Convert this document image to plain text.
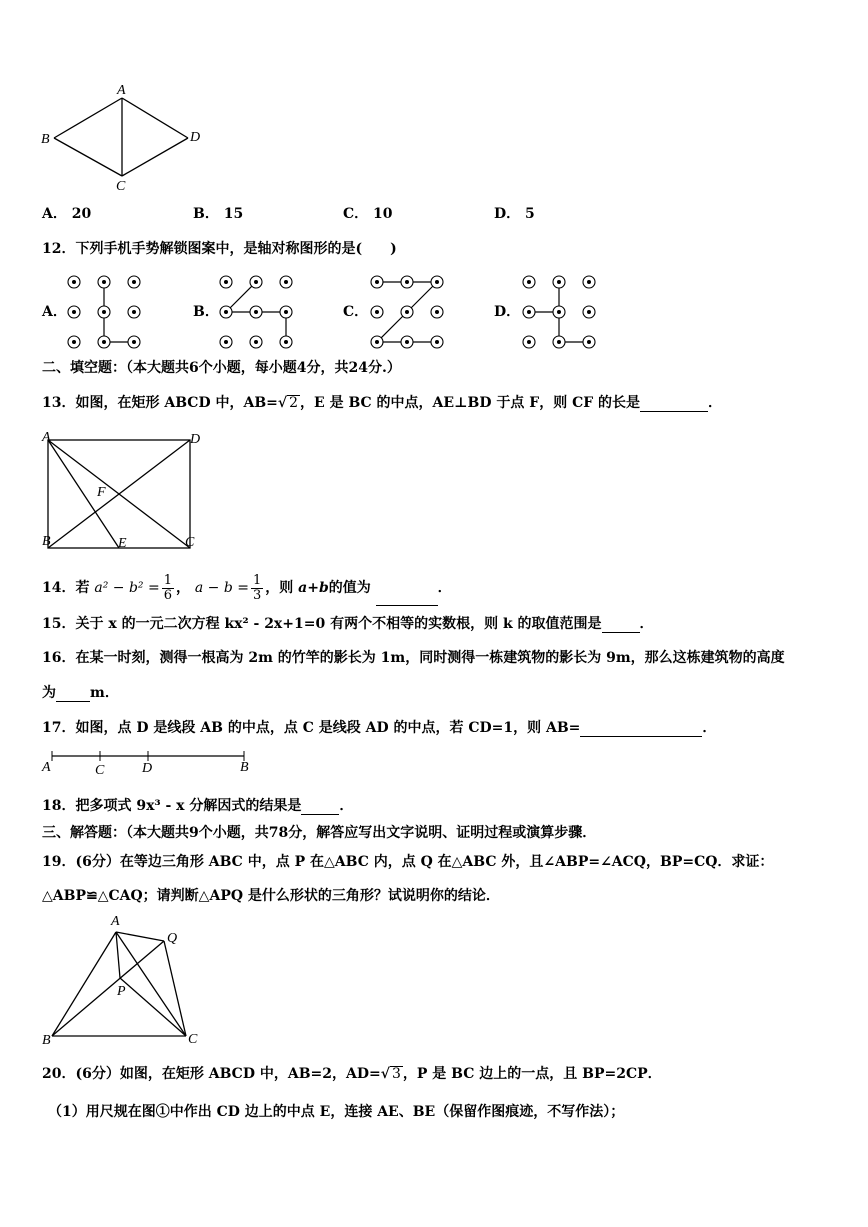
A
B
C
D
A． 20	B． 15	C． 10	D． 5
12．下列手机手势解锁图案中，是轴对称图形的是(　　)
A．	B．	C．	D．
二、填空题：（本大题共6个小题，每小题4分，共24分.）
13．如图，在矩形 ABCD 中，AB=√ 2 ，E 是 BC 的中点，AE⊥BD 于点 F，则 CF 的长是	．
A	D
F
B	E	C
14．若 $a^2 - b^2 = \frac{1}{6}$ ， $a - b = \frac{1}{3}$ ，则 a+b的值为	．
15．关于 x 的一元二次方程 kx² ‑ 2x+1=0 有两个不相等的实数根，则 k 的取值范围是	．
16．在某一时刻，测得一根高为 2m 的竹竿的影长为 1m，同时测得一栋建筑物的影长为 9m，那么这栋建筑物的高度
为 m．
17．如图，点 D 是线段 AB 的中点，点 C 是线段 AD 的中点，若 CD=1，则 AB=	．
A	C	D	B
18．把多项式 9x³ ‑ x 分解因式的结果是	．
三、解答题：（本大题共9个小题，共78分，解答应写出文字说明、证明过程或演算步骤．
19．(6分）在等边三角形 ABC 中，点 P 在△ABC 内，点 Q 在△ABC 外，且∠ABP=∠ACQ，BP=CQ．求证：
△ABP≌△CAQ；请判断△APQ 是什么形状的三角形？试说明你的结论．
A
Q
P
B	C
20．(6分）如图，在矩形 ABCD 中，AB=2，AD=√ 3 ，P 是 BC 边上的一点，且 BP=2CP．
（1）用尺规在图①中作出 CD 边上的中点 E，连接 AE、BE（保留作图痕迹，不写作法）；
